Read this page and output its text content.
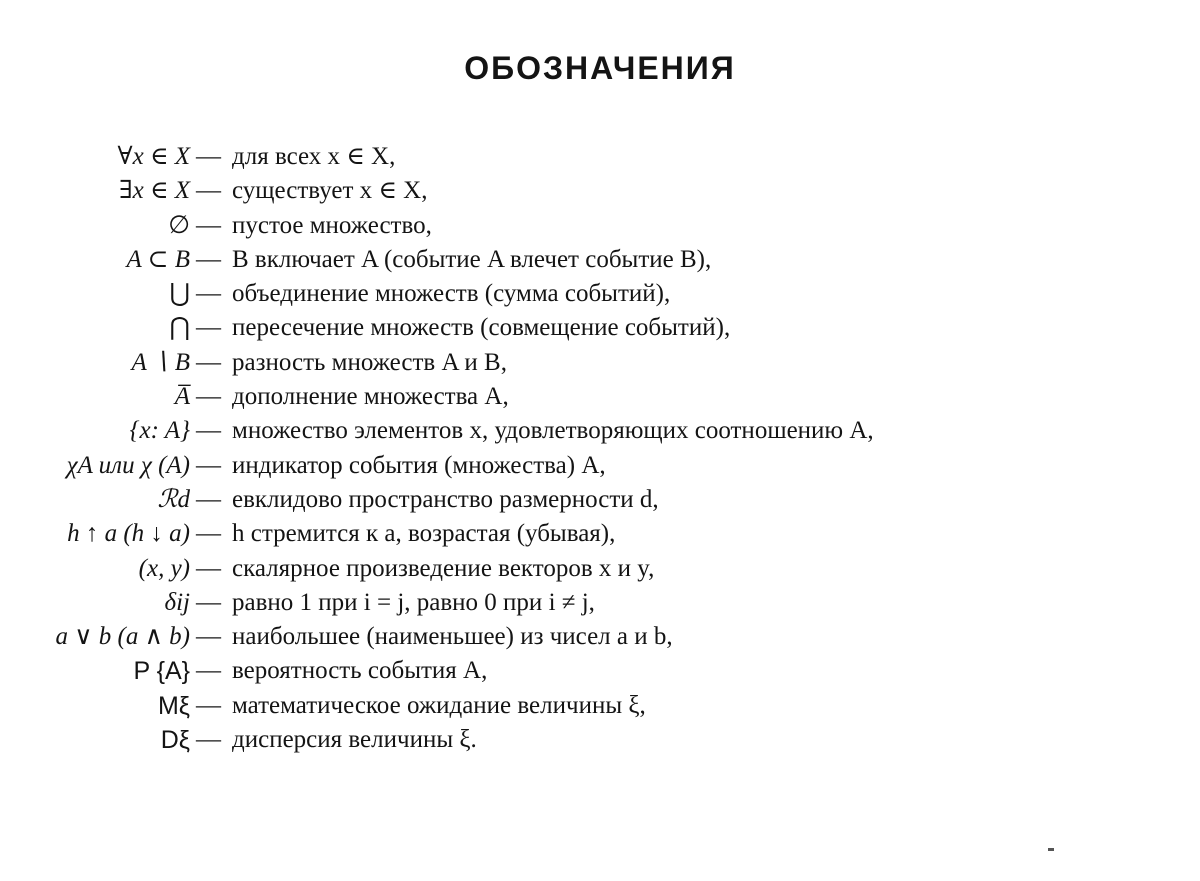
ОБОЗНАЧЕНИЯ
∀x ∈ X — для всех x ∈ X,
∃x ∈ X — существует x ∈ X,
∅ — пустое множество,
A ⊂ B — B включает A (событие A влечет событие B),
⋃ — объединение множеств (сумма событий),
⋂ — пересечение множеств (совмещение событий),
A ∖ B — разность множеств A и B,
A̅ — дополнение множества A,
{x: A} — множество элементов x, удовлетворяющих соотношению A,
χA или χ (A) — индикатор события (множества) A,
ℛd — евклидово пространство размерности d,
h ↑ a (h ↓ a) — h стремится к a, возрастая (убывая),
(x, y) — скалярное произведение векторов x и y,
δij — равно 1 при i = j, равно 0 при i ≠ j,
a ∨ b (a ∧ b) — наибольшее (наименьшее) из чисел a и b,
P {A} — вероятность события A,
Mξ — математическое ожидание величины ξ,
Dξ — дисперсия величины ξ.
